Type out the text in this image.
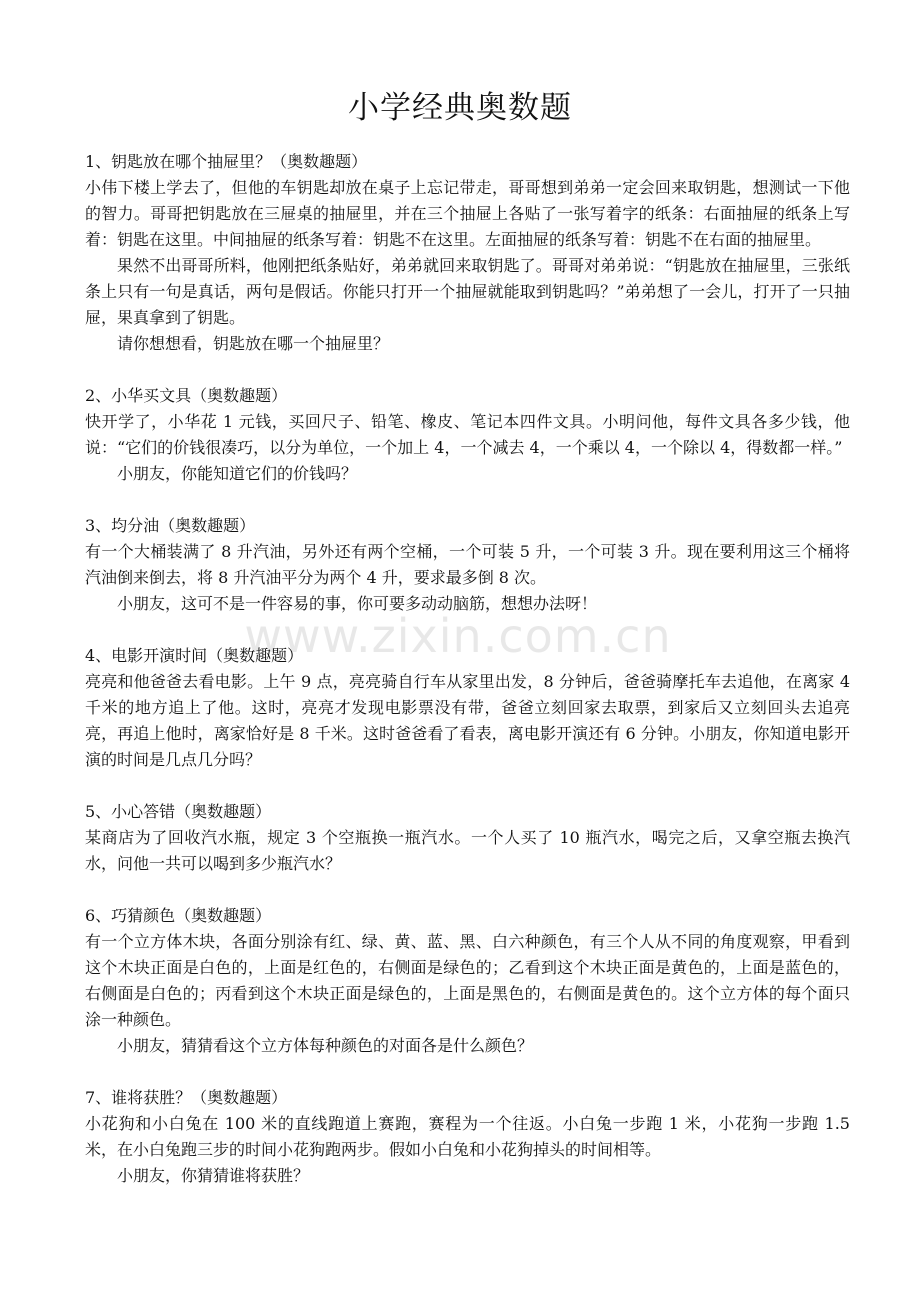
小学经典奥数题
www.zixin.com.cn

1、钥匙放在哪个抽屉里？（奥数趣题）

小伟下楼上学去了，但他的车钥匙却放在桌子上忘记带走，哥哥想到弟弟一定会回来取钥匙，想测试一下他的智力。哥哥把钥匙放在三屉桌的抽屉里，并在三个抽屉上各贴了一张写着字的纸条：右面抽屉的纸条上写着：钥匙在这里。中间抽屉的纸条写着：钥匙不在这里。左面抽屉的纸条写着：钥匙不在右面的抽屉里。

果然不出哥哥所料，他刚把纸条贴好，弟弟就回来取钥匙了。哥哥对弟弟说：“钥匙放在抽屉里，三张纸条上只有一句是真话，两句是假话。你能只打开一个抽屉就能取到钥匙吗？”弟弟想了一会儿，打开了一只抽屉，果真拿到了钥匙。

请你想想看，钥匙放在哪一个抽屉里？

2、小华买文具（奥数趣题）

快开学了，小华花 1 元钱，买回尺子、铅笔、橡皮、笔记本四件文具。小明问他，每件文具各多少钱，他说：“它们的价钱很凑巧，以分为单位，一个加上 4，一个减去 4，一个乘以 4，一个除以 4，得数都一样。”

小朋友，你能知道它们的价钱吗？

3、均分油（奥数趣题）

有一个大桶装满了 8 升汽油，另外还有两个空桶，一个可装 5 升，一个可装 3 升。现在要利用这三个桶将汽油倒来倒去，将 8 升汽油平分为两个 4 升，要求最多倒 8 次。

小朋友，这可不是一件容易的事，你可要多动动脑筋，想想办法呀！

4、电影开演时间（奥数趣题）

亮亮和他爸爸去看电影。上午 9 点，亮亮骑自行车从家里出发，8 分钟后，爸爸骑摩托车去追他，在离家 4 千米的地方追上了他。这时，亮亮才发现电影票没有带，爸爸立刻回家去取票，到家后又立刻回头去追亮亮，再追上他时，离家恰好是 8 千米。这时爸爸看了看表，离电影开演还有 6 分钟。小朋友，你知道电影开演的时间是几点几分吗？

5、小心答错（奥数趣题）

某商店为了回收汽水瓶，规定 3 个空瓶换一瓶汽水。一个人买了 10 瓶汽水，喝完之后，又拿空瓶去换汽水，问他一共可以喝到多少瓶汽水？

6、巧猜颜色（奥数趣题）

有一个立方体木块，各面分别涂有红、绿、黄、蓝、黑、白六种颜色，有三个人从不同的角度观察，甲看到这个木块正面是白色的，上面是红色的，右侧面是绿色的；乙看到这个木块正面是黄色的，上面是蓝色的，右侧面是白色的；丙看到这个木块正面是绿色的，上面是黑色的，右侧面是黄色的。这个立方体的每个面只涂一种颜色。

小朋友，猜猜看这个立方体每种颜色的对面各是什么颜色？

7、谁将获胜？（奥数趣题）

小花狗和小白兔在 100 米的直线跑道上赛跑，赛程为一个往返。小白兔一步跑 1 米，小花狗一步跑 1.5 米，在小白兔跑三步的时间小花狗跑两步。假如小白兔和小花狗掉头的时间相等。

小朋友，你猜猜谁将获胜？
